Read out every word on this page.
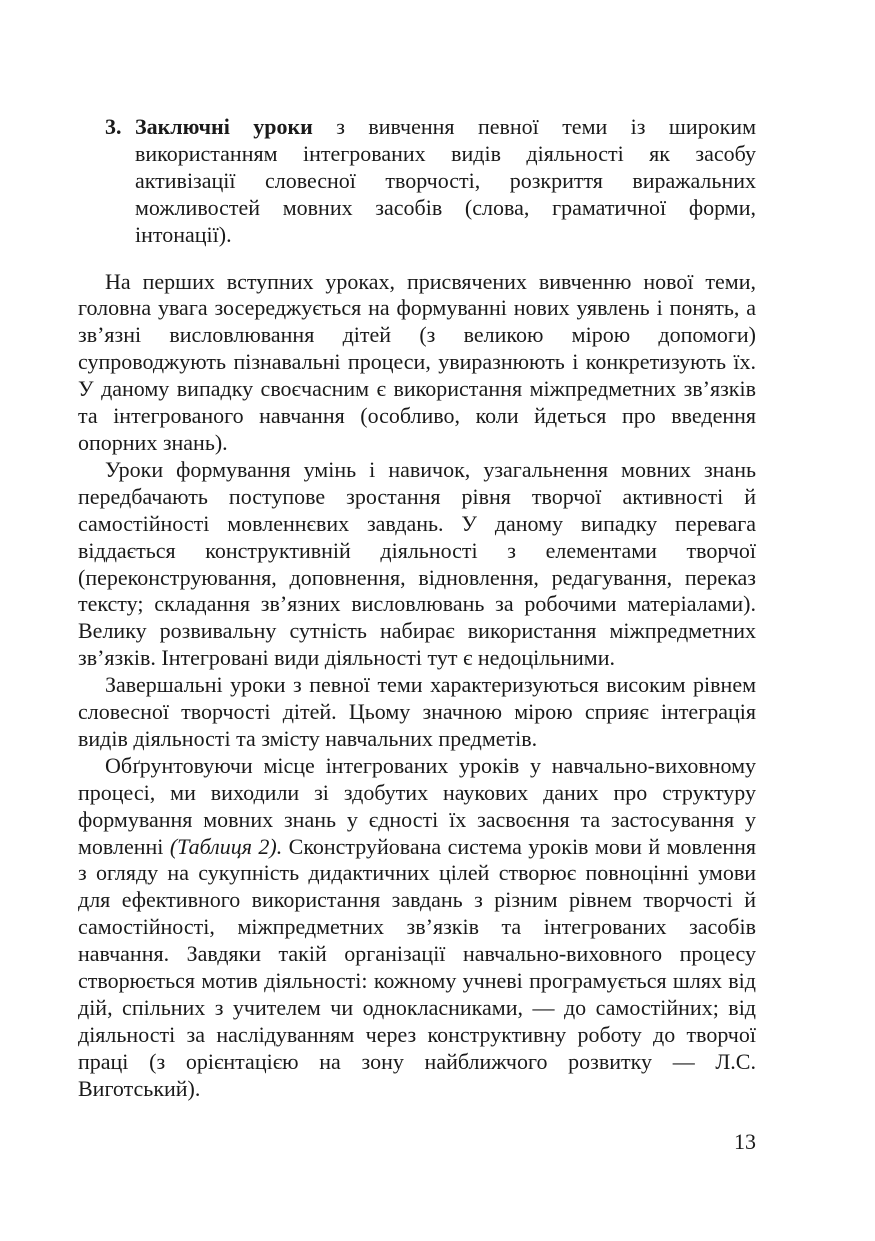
3. Заключні уроки з вивчення певної теми із широким використанням інтегрованих видів діяльності як засобу активізації словесної творчості, розкриття виражальних можливостей мовних засобів (слова, граматичної форми, інтонації).

На перших вступних уроках, присвячених вивченню нової теми, головна увага зосереджується на формуванні нових уявлень і понять, а зв’язні висловлювання дітей (з великою мірою допомоги) супроводжують пізнавальні процеси, увиразнюють і конкретизують їх. У даному випадку своєчасним є використання міжпредметних зв’язків та інтегрованого навчання (особливо, коли йдеться про введення опорних знань).

Уроки формування умінь і навичок, узагальнення мовних знань передбачають поступове зростання рівня творчої активності й самостійності мовленнєвих завдань. У даному випадку перевага віддається конструктивній діяльності з елементами творчої (переконструювання, доповнення, відновлення, редагування, переказ тексту; складання зв’язних висловлювань за робочими матеріалами). Велику розвивальну сутність набирає використання міжпредметних зв’язків. Інтегровані види діяльності тут є недоцільними.

Завершальні уроки з певної теми характеризуються високим рівнем словесної творчості дітей. Цьому значною мірою сприяє інтеграція видів діяльності та змісту навчальних предметів.

Обґрунтовуючи місце інтегрованих уроків у навчально-виховному процесі, ми виходили зі здобутих наукових даних про структуру формування мовних знань у єдності їх засвоєння та застосування у мовленні (Таблиця 2). Сконструйована система уроків мови й мовлення з огляду на сукупність дидактичних цілей створює повноцінні умови для ефективного використання завдань з різним рівнем творчості й самостійності, міжпредметних зв’язків та інтегрованих засобів навчання. Завдяки такій організації навчально-виховного процесу створюється мотив діяльності: кожному учневі програмується шлях від дій, спільних з учителем чи однокласниками, — до самостійних; від діяльності за наслідуванням через конструктивну роботу до творчої праці (з орієнтацією на зону найближчого розвитку — Л.С. Виготський).

13
